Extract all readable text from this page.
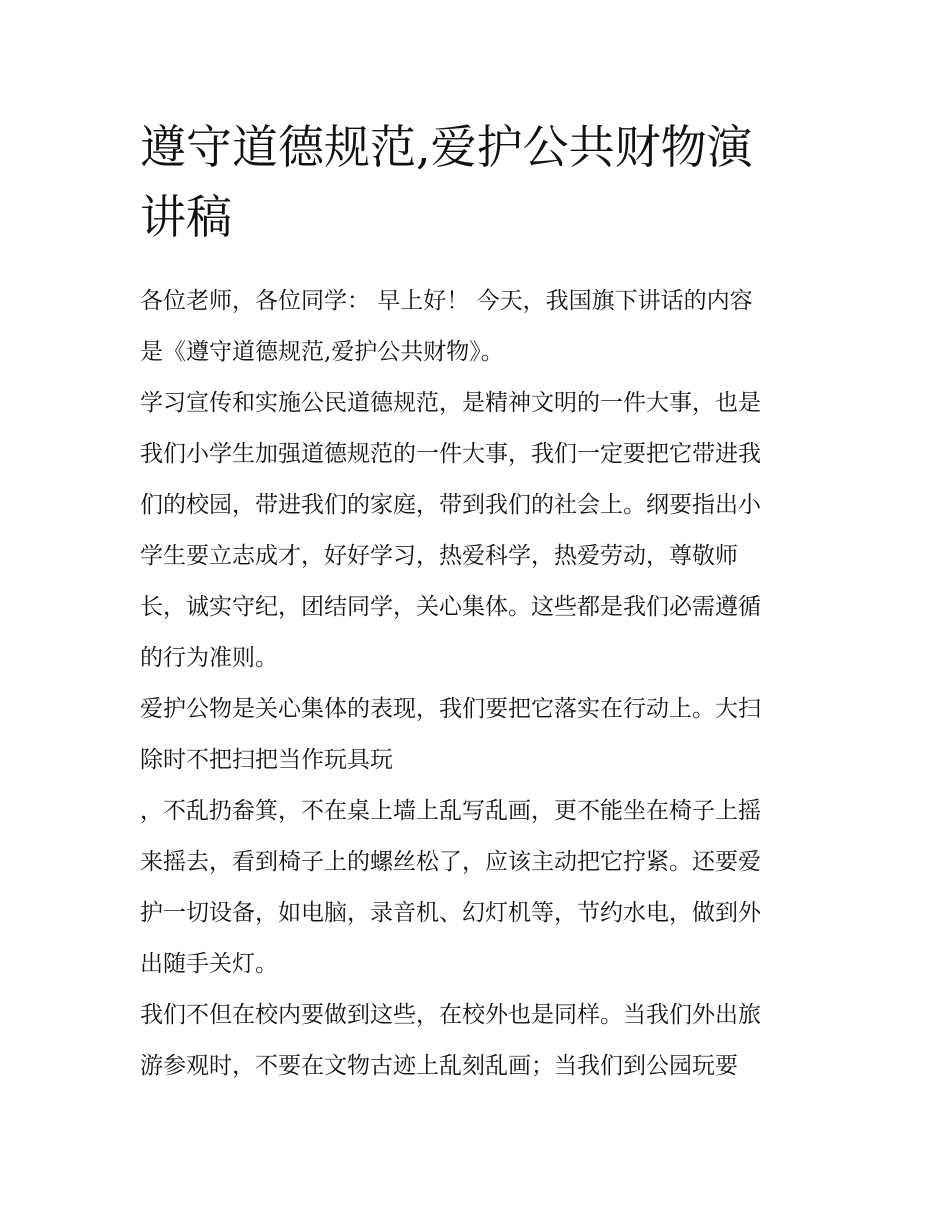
遵守道德规范,爱护公共财物演
讲稿
各位老师，各位同学： 早上好！ 今天，我国旗下讲话的内容
是《遵守道德规范,爱护公共财物》。
学习宣传和实施公民道德规范，是精神文明的一件大事，也是
我们小学生加强道德规范的一件大事，我们一定要把它带进我
们的校园，带进我们的家庭，带到我们的社会上。纲要指出小
学生要立志成才，好好学习，热爱科学，热爱劳动，尊敬师
长，诚实守纪，团结同学，关心集体。这些都是我们必需遵循
的行为准则。
爱护公物是关心集体的表现，我们要把它落实在行动上。大扫
除时不把扫把当作玩具玩
，不乱扔畚箕，不在桌上墙上乱写乱画，更不能坐在椅子上摇
来摇去，看到椅子上的螺丝松了，应该主动把它拧紧。还要爱
护一切设备，如电脑，录音机、幻灯机等，节约水电，做到外
出随手关灯。
我们不但在校内要做到这些，在校外也是同样。当我们外出旅
游参观时，不要在文物古迹上乱刻乱画；当我们到公园玩要
